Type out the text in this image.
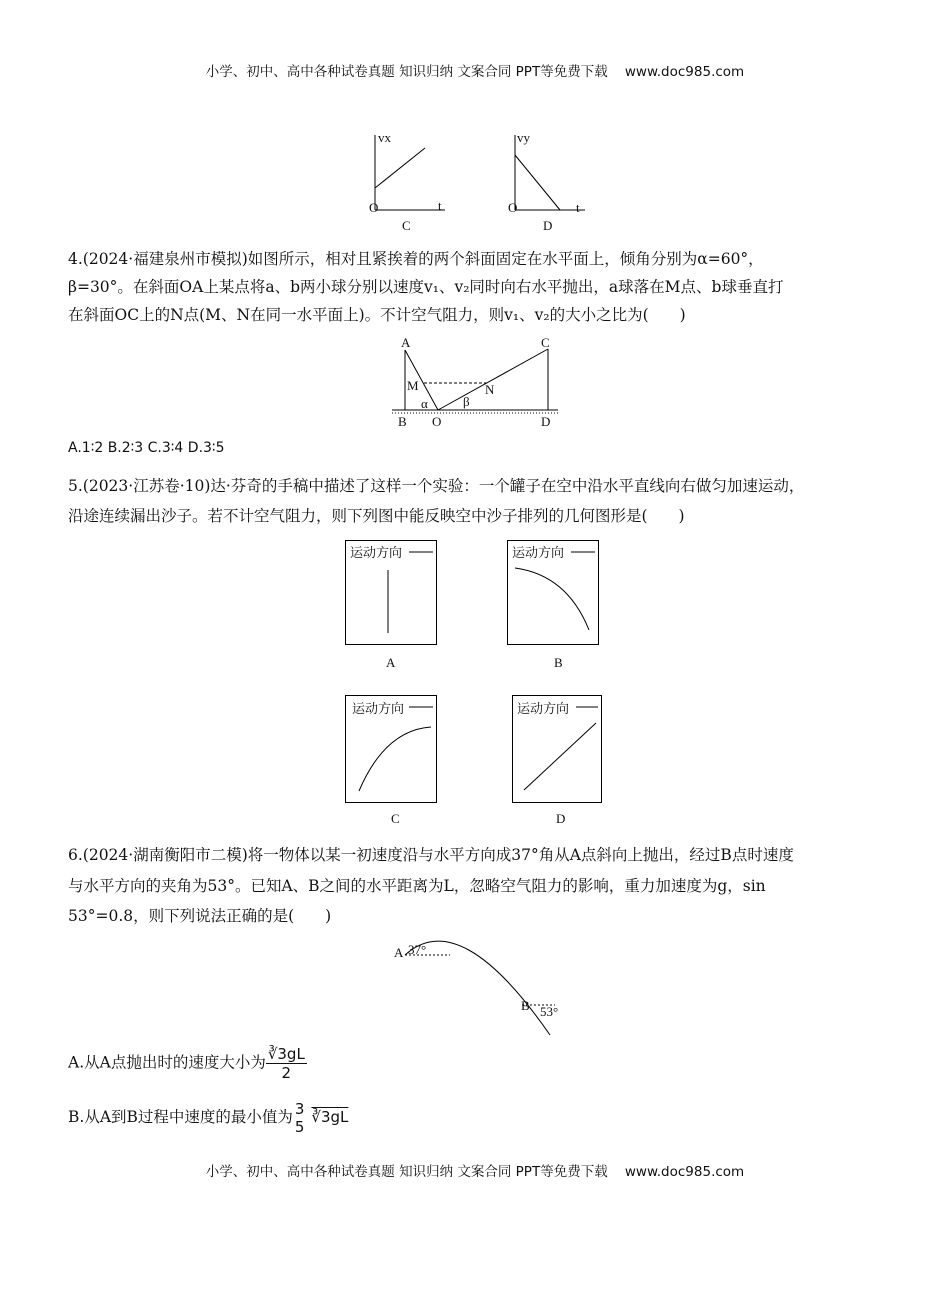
小学、初中、高中各种试卷真题 知识归纳 文案合同 PPT等免费下载 www.doc985.com
vx
O	t
C
vy
O	t
D
4.(2024·福建泉州市模拟)如图所示，相对且紧挨着的两个斜面固定在水平面上，倾角分别为α=60°，
β=30°。在斜面OA上某点将a、b两小球分别以速度v₁、v₂同时向右水平抛出，a球落在M点、b球垂直打
在斜面OC上的N点(M、N在同一水平面上)。不计空气阻力，则v₁、v₂的大小之比为(　　)
A	C
M	N
α	β
B O	D
A.1∶2 B.2∶3 C.3∶4 D.3∶5
5.(2023·江苏卷·10)达·芬奇的手稿中描述了这样一个实验：一个罐子在空中沿水平直线向右做匀加速运动，
沿途连续漏出沙子。若不计空气阻力，则下列图中能反映空中沙子排列的几何图形是(　　)
运动方向	运动方向
运动方向	运动方向
A	B
C	D
6.(2024·湖南衡阳市二模)将一物体以某一初速度沿与水平方向成37°角从A点斜向上抛出，经过B点时速度
与水平方向的夹角为53°。已知A、B之间的水平距离为L，忽略空气阻力的影响，重力加速度为g，sin
53°=0.8，则下列说法正确的是(　　)
A 37°
B 53°
A.从A点抛出时的速度大小为 $\frac{∛3gL}{2}$
B.从A到B过程中速度的最小值为 3
5
∛3gL
小学、初中、高中各种试卷真题 知识归纳 文案合同 PPT等免费下载 www.doc985.com
